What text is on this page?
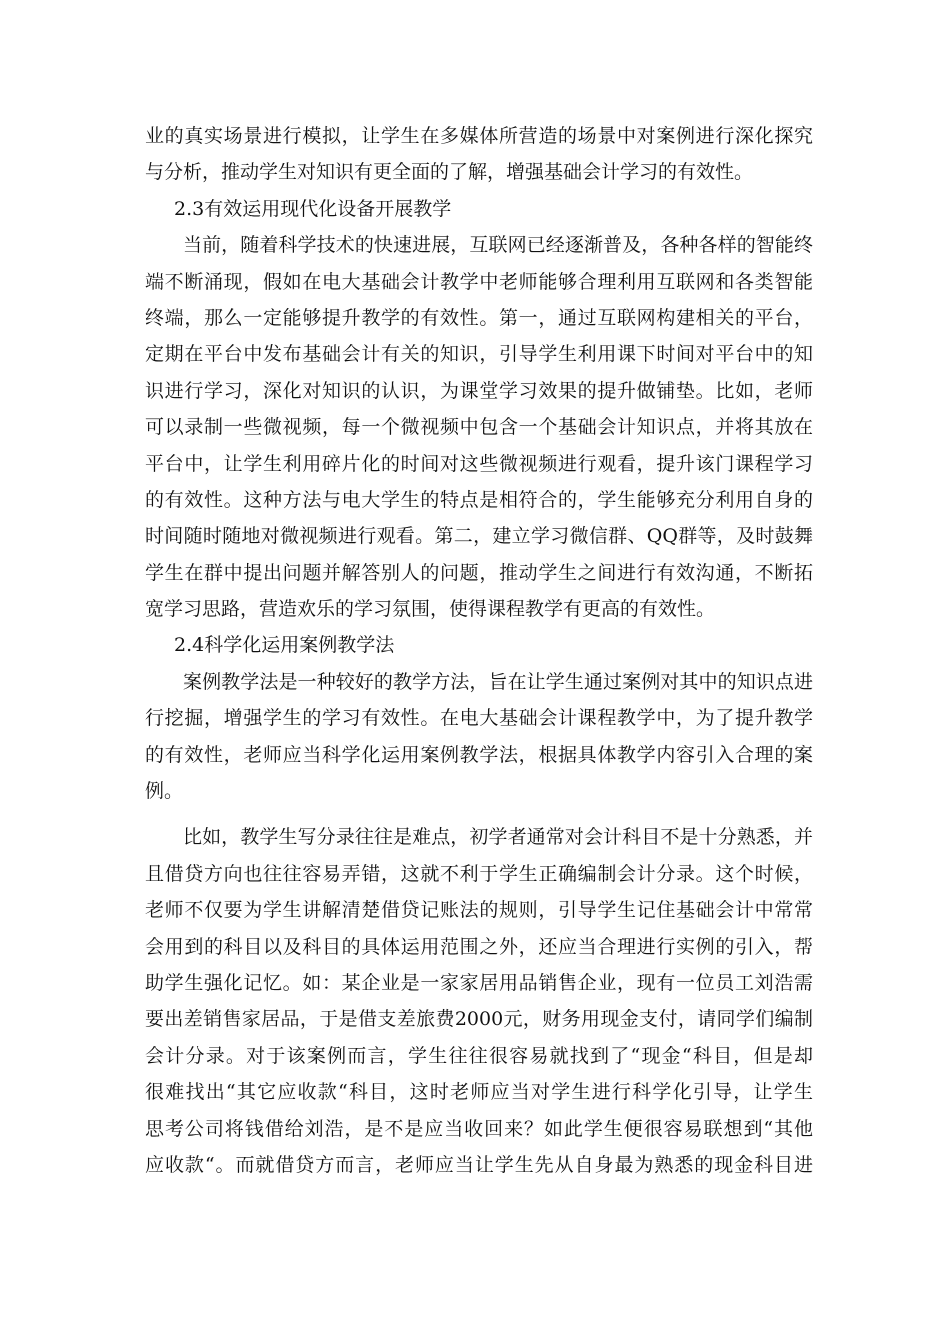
业的真实场景进行模拟，让学生在多媒体所营造的场景中对案例进行深化探究
与分析，推动学生对知识有更全面的了解，增强基础会计学习的有效性。
2.3有效运用现代化设备开展教学
当前，随着科学技术的快速进展，互联网已经逐渐普及，各种各样的智能终
端不断涌现，假如在电大基础会计教学中老师能够合理利用互联网和各类智能
终端，那么一定能够提升教学的有效性。第一，通过互联网构建相关的平台，
定期在平台中发布基础会计有关的知识，引导学生利用课下时间对平台中的知
识进行学习，深化对知识的认识，为课堂学习效果的提升做铺垫。比如，老师
可以录制一些微视频，每一个微视频中包含一个基础会计知识点，并将其放在
平台中，让学生利用碎片化的时间对这些微视频进行观看，提升该门课程学习
的有效性。这种方法与电大学生的特点是相符合的，学生能够充分利用自身的
时间随时随地对微视频进行观看。第二，建立学习微信群、QQ群等，及时鼓舞
学生在群中提出问题并解答别人的问题，推动学生之间进行有效沟通，不断拓
宽学习思路，营造欢乐的学习氛围，使得课程教学有更高的有效性。
2.4科学化运用案例教学法
案例教学法是一种较好的教学方法，旨在让学生通过案例对其中的知识点进
行挖掘，增强学生的学习有效性。在电大基础会计课程教学中，为了提升教学
的有效性，老师应当科学化运用案例教学法，根据具体教学内容引入合理的案
例。
比如，教学生写分录往往是难点，初学者通常对会计科目不是十分熟悉，并
且借贷方向也往往容易弄错，这就不利于学生正确编制会计分录。这个时候，
老师不仅要为学生讲解清楚借贷记账法的规则，引导学生记住基础会计中常常
会用到的科目以及科目的具体运用范围之外，还应当合理进行实例的引入，帮
助学生强化记忆。如：某企业是一家家居用品销售企业，现有一位员工刘浩需
要出差销售家居品，于是借支差旅费2000元，财务用现金支付，请同学们编制
会计分录。对于该案例而言，学生往往很容易就找到了“现金“科目，但是却
很难找出“其它应收款“科目，这时老师应当对学生进行科学化引导，让学生
思考公司将钱借给刘浩，是不是应当收回来？如此学生便很容易联想到“其他
应收款“。而就借贷方而言，老师应当让学生先从自身最为熟悉的现金科目进
